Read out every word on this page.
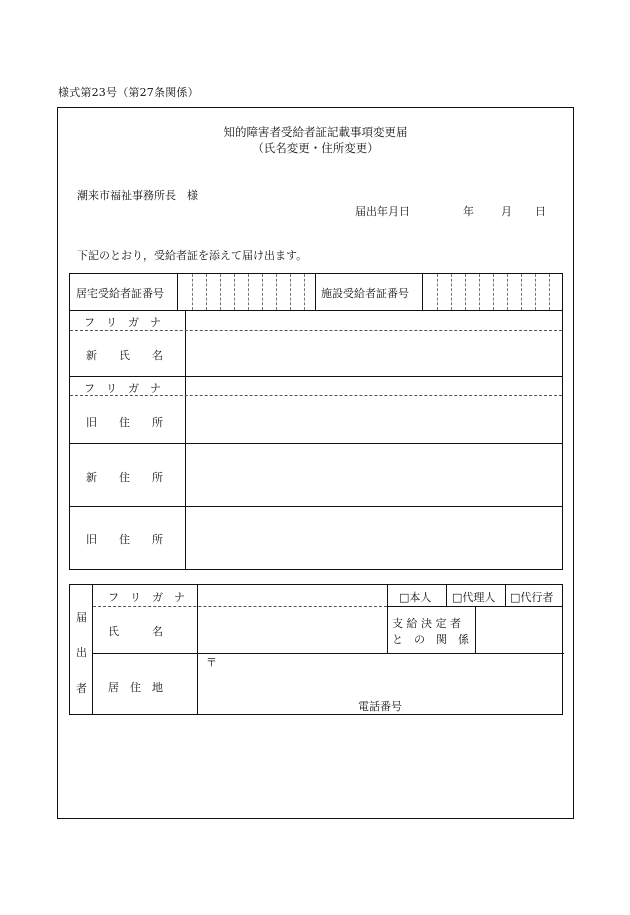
様式第23号（第27条関係）
知的障害者受給者証記載事項変更届
（氏名変更・住所変更）
潮来市福祉事務所長　様
届出年月日	年 月 日
下記のとおり，受給者証を添えて届け出ます。
居宅受給者証番号	施設受給者証番号
フ　リ　ガ　ナ
新　　氏　　名
フ　リ　ガ　ナ
旧　　住　　所
新　　住　　所
旧　　住　　所
届
出
者
フ　リ　ガ　ナ	□本人 □代理人 □代行者
氏　　　名
支 給 決 定 者
と　の　関　係
居　住　地
〒
電話番号
